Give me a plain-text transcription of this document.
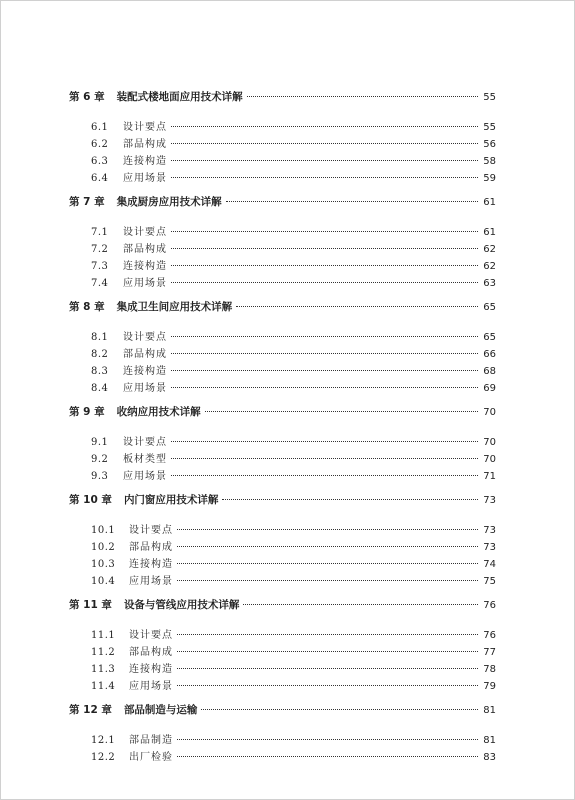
第 6 章 装配式楼地面应用技术详解	55
6.1	设计要点	55
6.2	部品构成	56
6.3	连接构造	58
6.4	应用场景	59
第 7 章 集成厨房应用技术详解	61
7.1	设计要点	61
7.2	部品构成	62
7.3	连接构造	62
7.4	应用场景	63
第 8 章 集成卫生间应用技术详解	65
8.1	设计要点	65
8.2	部品构成	66
8.3	连接构造	68
8.4	应用场景	69
第 9 章 收纳应用技术详解	70
9.1	设计要点	70
9.2	板材类型	70
9.3	应用场景	71
第 10 章 内门窗应用技术详解	73
10.1	设计要点	73
10.2	部品构成	73
10.3	连接构造	74
10.4	应用场景	75
第 11 章 设备与管线应用技术详解	76
11.1	设计要点	76
11.2	部品构成	77
11.3	连接构造	78
11.4	应用场景	79
第 12 章 部品制造与运输	81
12.1	部品制造	81
12.2	出厂检验	83
